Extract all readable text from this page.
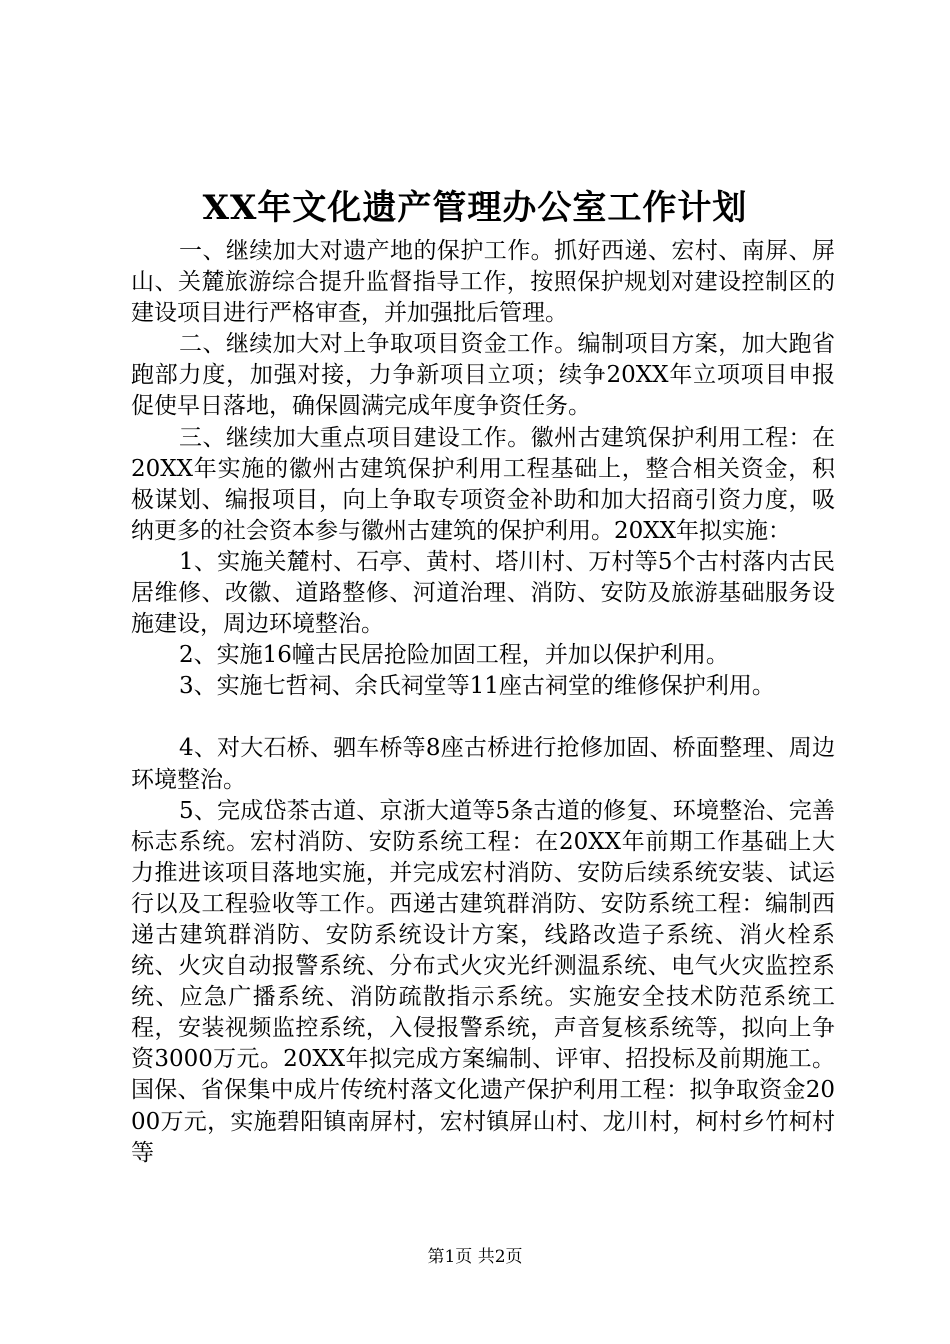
XX年文化遗产管理办公室工作计划

一、继续加大对遗产地的保护工作。抓好西递、宏村、南屏、屏山、关麓旅游综合提升监督指导工作，按照保护规划对建设控制区的建设项目进行严格审查，并加强批后管理。

二、继续加大对上争取项目资金工作。编制项目方案，加大跑省跑部力度，加强对接，力争新项目立项；续争20XX年立项项目申报促使早日落地，确保圆满完成年度争资任务。

三、继续加大重点项目建设工作。徽州古建筑保护利用工程：在20XX年实施的徽州古建筑保护利用工程基础上，整合相关资金，积极谋划、编报项目，向上争取专项资金补助和加大招商引资力度，吸纳更多的社会资本参与徽州古建筑的保护利用。20XX年拟实施：

1、实施关麓村、石亭、黄村、塔川村、万村等5个古村落内古民居维修、改徽、道路整修、河道治理、消防、安防及旅游基础服务设施建设，周边环境整治。

2、实施16幢古民居抢险加固工程，并加以保护利用。

3、实施七哲祠、余氏祠堂等11座古祠堂的维修保护利用。

4、对大石桥、驷车桥等8座古桥进行抢修加固、桥面整理、周边环境整治。

5、完成岱茶古道、京浙大道等5条古道的修复、环境整治、完善标志系统。宏村消防、安防系统工程：在20XX年前期工作基础上大力推进该项目落地实施，并完成宏村消防、安防后续系统安装、试运行以及工程验收等工作。西递古建筑群消防、安防系统工程：编制西递古建筑群消防、安防系统设计方案，线路改造子系统、消火栓系统、火灾自动报警系统、分布式火灾光纤测温系统、电气火灾监控系统、应急广播系统、消防疏散指示系统。实施安全技术防范系统工程，安装视频监控系统，入侵报警系统，声音复核系统等，拟向上争资3000万元。20XX年拟完成方案编制、评审、招投标及前期施工。国保、省保集中成片传统村落文化遗产保护利用工程：拟争取资金2000万元，实施碧阳镇南屏村，宏村镇屏山村、龙川村，柯村乡竹柯村等

第1页 共2页
